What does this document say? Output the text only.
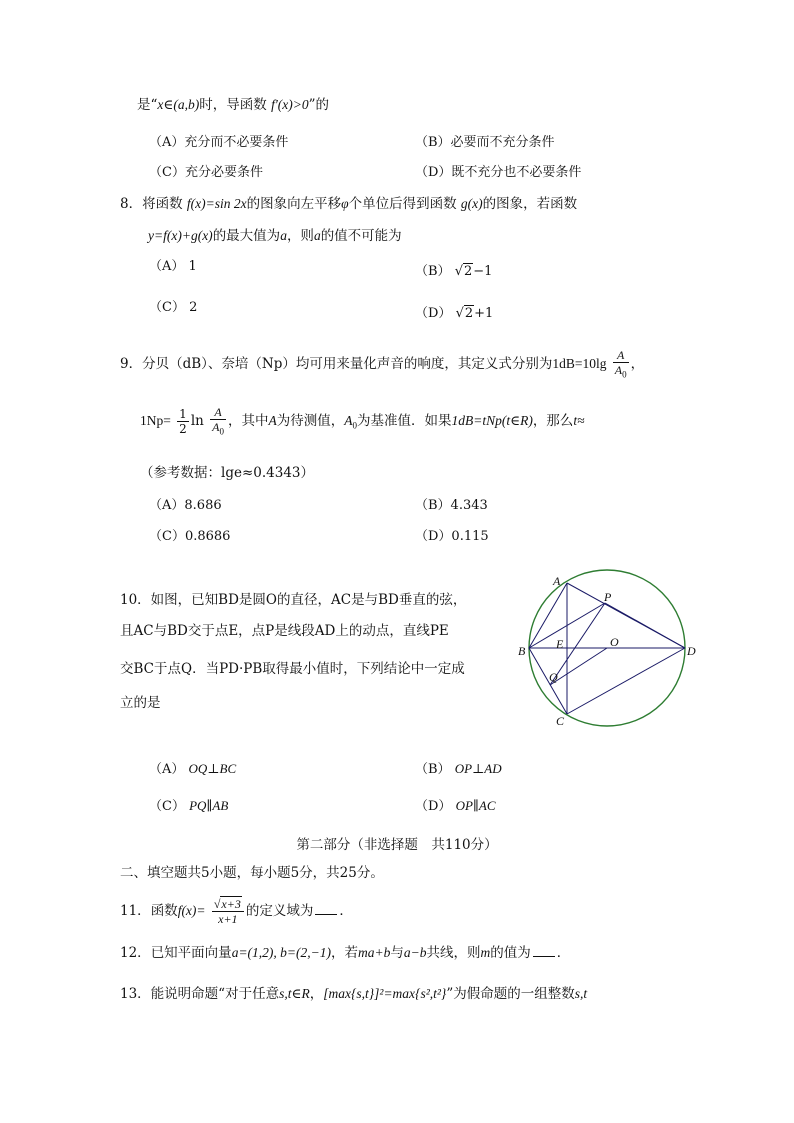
是“x∈(a,b)时，导函数 f′(x)>0”的
（A）充分而不必要条件	（B）必要而不充分条件
（C）充分必要条件	（D）既不充分也不必要条件
8．将函数 f(x)=sin 2x的图象向左平移φ个单位后得到函数 g(x)的图象，若函数
y=f(x)+g(x)的最大值为a，则a的值不可能为
（A） 1	（B） √2−1
（C） 2	（D） √2+1
9．分贝（dB）、奈培（Np）均可用来量化声音的响度，其定义式分别为$1dB=10\lg \frac{A}{A_0}$ ，
$1Np= \frac{1}{2}$ $\ln \frac{A}{A_0}$ ，其中A为待测值，$A_0$为基准值．如果1dB=tNp(t∈R)，那么t≈
（参考数据：lge≈0.4343）
（A）8.686	（B）4.343
（C）0.8686	（D）0.115
10．如图，已知BD是圆O的直径，AC是与BD垂直的弦，
且AC与BD交于点E，点P是线段AD上的动点，直线PE
交BC于点Q．当PD·PB取得最小值时，下列结论中一定成
立的是
A
B
C
D
E	O
P
Q
（A） OQ⊥BC	（B） OP⊥AD
（C） PQ∥AB	（D） OP∥AC
第二部分（非选择题　共110分）
二、填空题共5小题，每小题5分，共25分。
11．函数$f(x)= \frac{√x+3}{x+1}$ 的定义域为 ．
12．已知平面向量a=(1,2), b=(2,−1)，若ma+b与a−b共线，则m的值为 ．
13．能说明命题“对于任意s,t∈R，[max{s,t}]²=max{s²,t²}”为假命题的一组整数s,t
